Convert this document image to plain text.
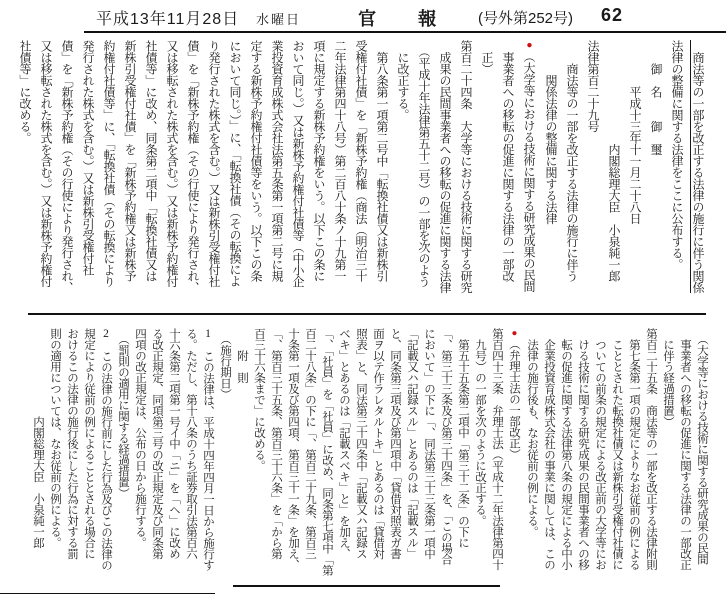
平成13年11月28日 水曜日	官　　報	(号外第252号) 62
　商法等の一部を改正する法律の施行に伴う関係
法律の整備に関する法律をここに公布する。
　　御　名　　御　璽
　　　　平成十三年十一月二十八日
　　　　　　　　　内閣総理大臣　小泉純一郎
法律第百二十九号
　　商法等の一部を改正する法律の施行に伴う
　　　関係法律の整備に関する法律
●（大学等における技術に関する研究成果の民間
　事業者への移転の促進に関する法律の一部改
　正）
第百二十四条　大学等における技術に関する研究
　成果の民間事業者への移転の促進に関する法律
　（平成十年法律第五十二号）の一部を次のよう
　に改正する。
　第八条第一項第二号中「転換社債又は新株引
受権付社債」を「新株予約権（商法（明治三十
二年法律第四十八号）第二百八十条ノ十九第一
項に規定する新株予約権をいう。以下この条に
おいて同じ。）又は新株予約権付社債等（中小企
業投資育成株式会社法第五条第一項第二号に規
定する新株予約権付社債等をいう。以下この条
において同じ。）」に、「転換社債（その転換によ
り発行された株式を含む。）又は新株引受権付社
債」を「新株予約権（その行使により発行され、
又は移転された株式を含む。）又は新株予約権付
社債等」に改め、同条第二項中「転換社債又は
新株引受権付社債」を「新株予約権又は新株予
約権付社債等」に、「転換社債（その転換により
発行された株式を含む。）又は新株引受権付社
債」を「新株予約権（その行使により発行され、
又は移転された株式を含む。）又は新株予約権付
社債等」に改める。
　（大学等における技術に関する研究成果の民間
　事業者への移転の促進に関する法律の一部改正
　に伴う経過措置）
第百二十五条　商法等の一部を改正する法律附則
　第七条第一項の規定によりなお従前の例による
　こととされた転換社債又は新株引受権付社債に
　ついての前条の規定による改正前の大学等にお
　ける技術に関する研究成果の民間事業者への移
　転の促進に関する法律第八条の規定による中小
　企業投資育成株式会社の事業に関しては、この
　法律の施行後も、なお従前の例による。
●（弁理士法の一部改正）
第百四十三条　弁理士法（平成十二年法律第四十
　九号）の一部を次のように改正する。
　第五十五条第二項中「第三十二条」の下に
「、第三十三条及び第三十四条」を、「この場合
において」の下に「、同法第三十三条第一項中
「記載又ハ記録スル」とあるのは「記載スル」
と、同条第三項及び第四項中「貸借対照表ガ書
面ヲ以テ作ラレタルトキ」とあるのは「貸借対
照表」と、同法第三十四条中「記載又ハ記録ス
ベキ」とあるのは「記載スベキ」と」を加え、
「、「社員」を「社員」に改め、同条第七項中「第
百二十八条」の下に「、第百二十九条、第百三
十条第一項及び第四項、第百三十一条」を加え、
「、第百三十五条、第百三十六条」を「から第
百三十六条まで」に改める。
　　附　則
　（施行期日）
1　この法律は、平成十四年四月一日から施行す
る。ただし、第十八条のうち証券取引法第百六
十六条第二項第一号イ中「ニ」を「ヘ」に改め
る改正規定、同項第三号の改正規定及び同条第
四項の改正規定は、公布の日から施行する。
　（罰則の適用に関する経過措置）
2　この法律の施行前にした行為及びこの法律の
規定により従前の例によることとされる場合に
おけるこの法律の施行後にした行為に対する罰
則の適用については、なお従前の例による。
　　　　　　　　内閣総理大臣　小泉純一郎
